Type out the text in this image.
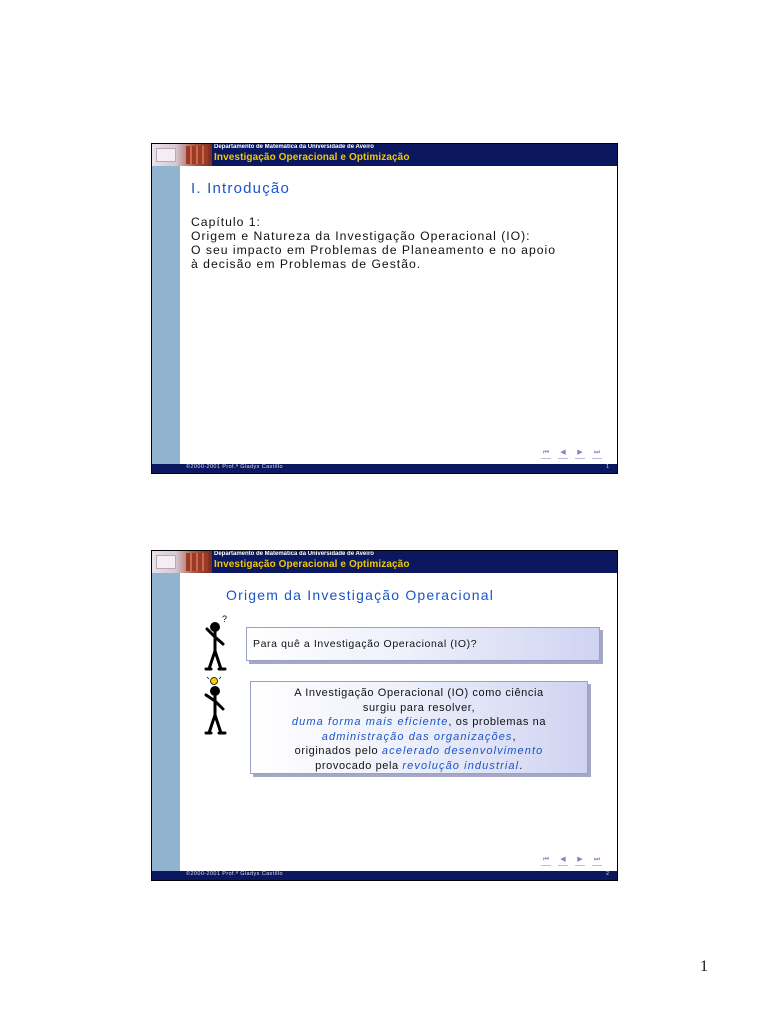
Departamento de Matemática da Universidade de Aveiro
Investigação Operacional e Optimização
I. Introdução
Capítulo 1:
Origem e Natureza da Investigação Operacional (IO):
O seu impacto em Problemas de Planeamento e no apoio
à decisão em Problemas de Gestão.
⏮ ◀ ▶ ⏭
©2000-2001 Prof.ª Gladys Castillo	1
Departamento de Matemática da Universidade de Aveiro
Investigação Operacional e Optimização
Origem da Investigação Operacional
?
Para quê a Investigação Operacional (IO)?
A Investigação Operacional (IO) como ciência
surgiu para resolver,
duma forma mais eficiente, os problemas na
administração das organizações,
originados pelo acelerado desenvolvimento
provocado pela revolução industrial.
⏮ ◀ ▶ ⏭
©2000-2001 Prof.ª Gladys Castillo	2
1
